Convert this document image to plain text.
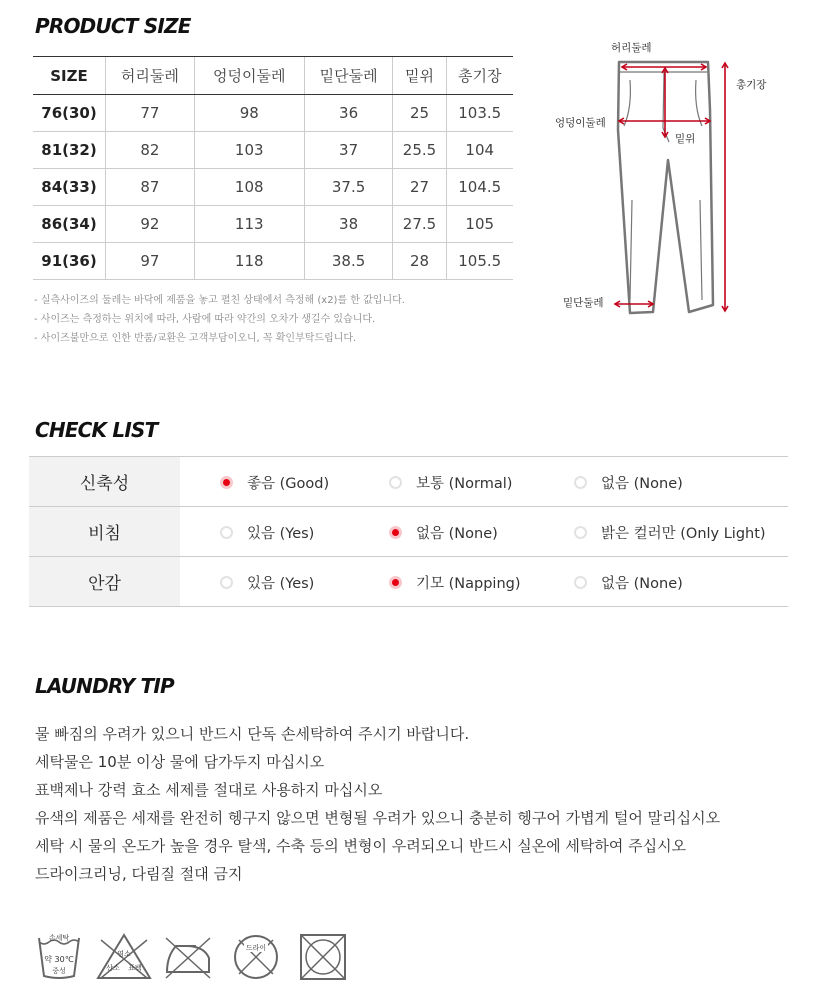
PRODUCT SIZE
SIZE	허리둘레	엉덩이둘레	밑단둘레	밑위	총기장
76(30)	77	98	36	25	103.5
81(32)	82	103	37	25.5	104
84(33)	87	108	37.5	27	104.5
86(34)	92	113	38	27.5	105
91(36)	97	118	38.5	28	105.5
- 실측사이즈의 둘레는 바닥에 제품을 놓고 펼친 상태에서 측정해 (x2)를 한 값입니다.
- 사이즈는 측정하는 위치에 따라, 사람에 따라 약간의 오차가 생길수 있습니다.
- 사이즈불만으로 인한 반품/교환은 고객부담이오니, 꼭 확인부탁드립니다.
허리둘레
엉덩이둘레
밑위
총기장
밑단둘레
CHECK LIST
신축성	좋음 (Good)	보통 (Normal)	없음 (None)
비침	있음 (Yes)	없음 (None)	밝은 컬러만 (Only Light)
안감	있음 (Yes)	기모 (Napping)	없음 (None)
LAUNDRY TIP
물 빠짐의 우려가 있으니 반드시 단독 손세탁하여 주시기 바랍니다.
세탁물은 10분 이상 물에 담가두지 마십시오
표백제나 강력 효소 세제를 절대로 사용하지 마십시오
유색의 제품은 세재를 완전히 헹구지 않으면 변형될 우려가 있으니 충분히 헹구어 가볍게 털어 말리십시오
세탁 시 물의 온도가 높을 경우 탈색, 수축 등의 변형이 우려되오니 반드시 실온에 세탁하여 주십시오
드라이크리닝, 다림질 절대 금지
손세탁
약 30℃
중성
염소
산소 표백
드라이
